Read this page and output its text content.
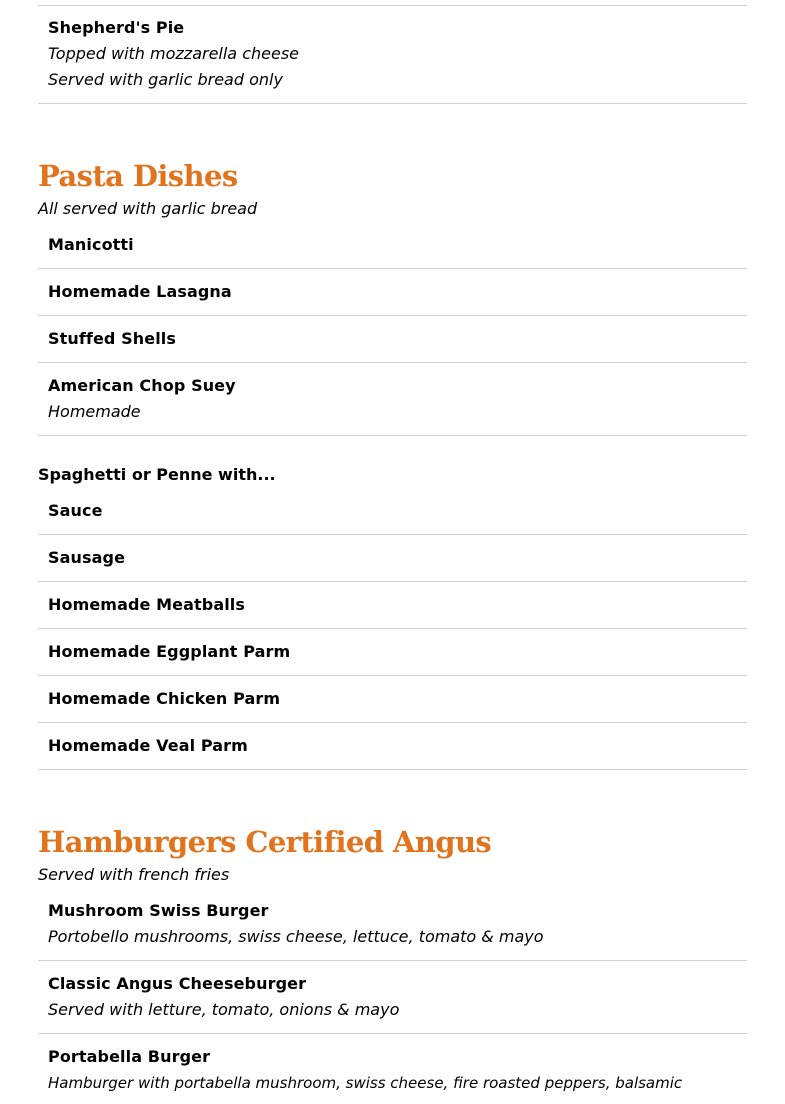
Shepherd's Pie
Topped with mozzarella cheese
Served with garlic bread only
Pasta Dishes
All served with garlic bread
Manicotti
Homemade Lasagna
Stuffed Shells
American Chop Suey
Homemade
Spaghetti or Penne with...
Sauce
Sausage
Homemade Meatballs
Homemade Eggplant Parm
Homemade Chicken Parm
Homemade Veal Parm
Hamburgers Certified Angus
Served with french fries
Mushroom Swiss Burger
Portobello mushrooms, swiss cheese, lettuce, tomato & mayo
Classic Angus Cheeseburger
Served with letture, tomato, onions & mayo
Portabella Burger
Hamburger with portabella mushroom, swiss cheese, fire roasted peppers, balsamic
